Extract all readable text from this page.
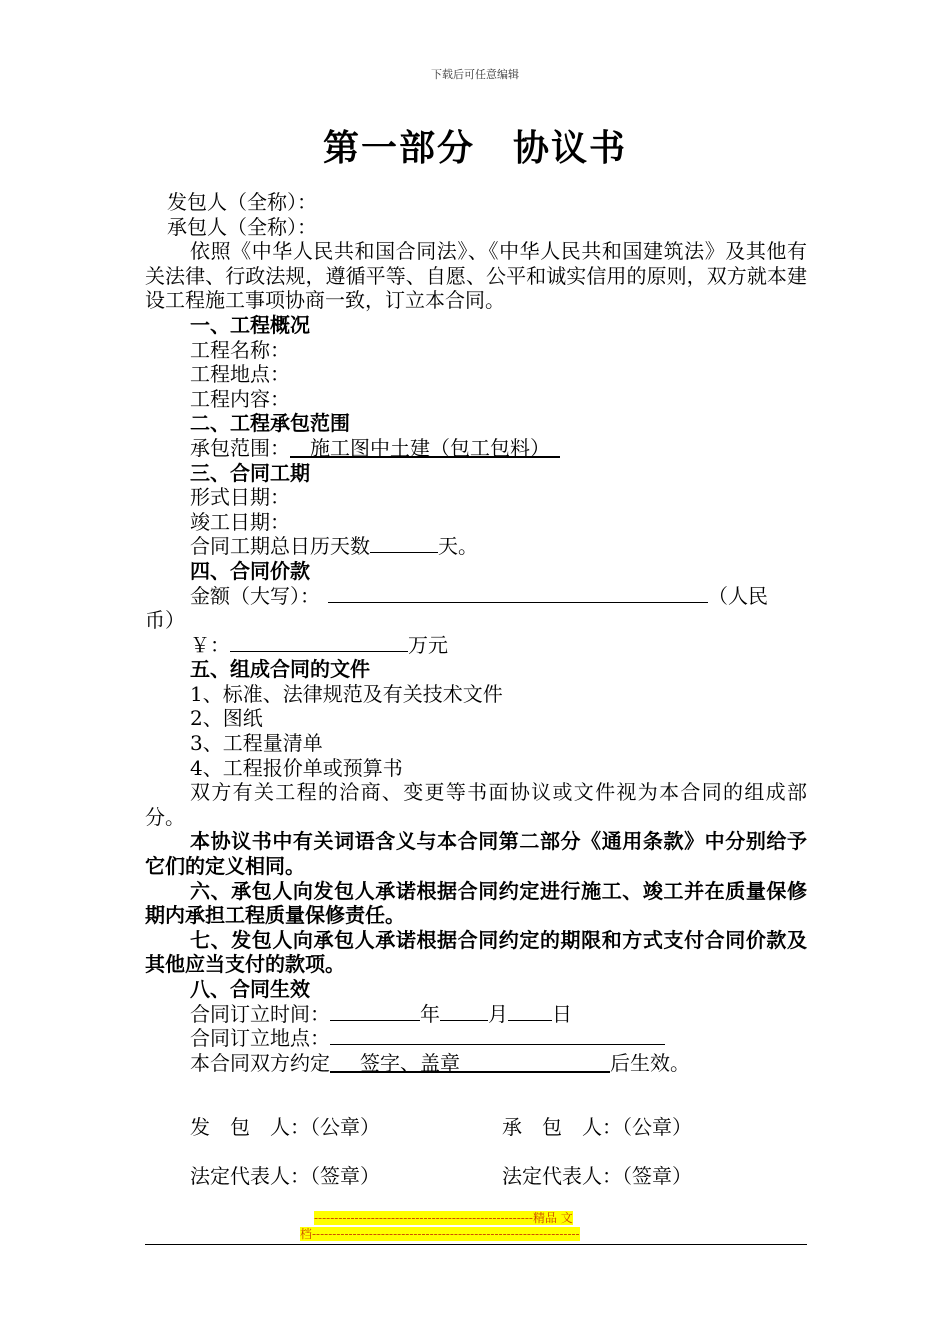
下载后可任意编辑
第一部分　协议书
发包人（全称）：
承包人（全称）：
依照《中华人民共和国合同法》、《中华人民共和国建筑法》及其他有关法律、行政法规，遵循平等、自愿、公平和诚实信用的原则，双方就本建设工程施工事项协商一致，订立本合同。
一、工程概况
工程名称：
工程地点：
工程内容：
二、工程承包范围
承包范围：  施工图中土建（包工包料） 
三、合同工期
形式日期：
竣工日期：
合同工期总日历天数	天。
四、合同价款
金额（大写）：	（人民
币）
￥：	万元
五、组成合同的文件
1、标准、法律规范及有关技术文件
2、图纸
3、工程量清单
4、工程报价单或预算书
双方有关工程的洽商、变更等书面协议或文件视为本合同的组成部分。
本协议书中有关词语含义与本合同第二部分《通用条款》中分别给予它们的定义相同。
六、承包人向发包人承诺根据合同约定进行施工、竣工并在质量保修期内承担工程质量保修责任。
七、发包人向承包人承诺根据合同约定的期限和方式支付合同价款及其他应当支付的款项。
八、合同生效
合同订立时间：	年 月 日
合同订立地点：
本合同双方约定   签字、盖章        	后生效。
发　包　人：（公章）	承　包　人：（公章）
法定代表人：（签章）	法定代表人：（签章）
------------------------------------------------------精品 文
档------------------------------------------------------------------
